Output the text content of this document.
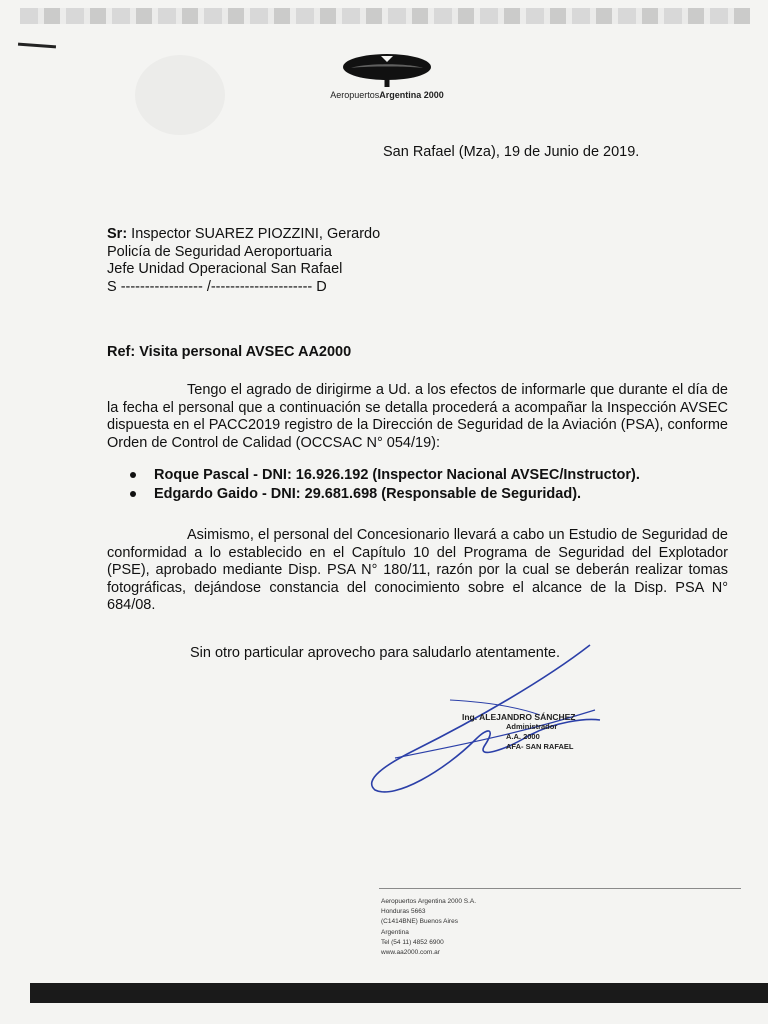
AeropuertosArgentina 2000
San Rafael (Mza), 19 de Junio de 2019.
Sr: Inspector SUAREZ PIOZZINI, Gerardo
Policía de Seguridad Aeroportuaria
Jefe Unidad Operacional San Rafael
S ----------------- /--------------------- D
Ref: Visita personal AVSEC AA2000
Tengo el agrado de dirigirme a Ud. a los efectos de informarle que durante el día de la fecha el personal que a continuación se detalla procederá a acompañar la Inspección AVSEC dispuesta en el PACC2019 registro de la Dirección de Seguridad de la Aviación (PSA), conforme Orden de Control de Calidad (OCCSAC N° 054/19):
Roque Pascal - DNI: 16.926.192 (Inspector Nacional AVSEC/Instructor).
Edgardo Gaido - DNI: 29.681.698 (Responsable de Seguridad).
Asimismo, el personal del Concesionario llevará a cabo un Estudio de Seguridad de conformidad a lo establecido en el Capítulo 10 del Programa de Seguridad del Explotador (PSE), aprobado mediante Disp. PSA N° 180/11, razón por la cual se deberán realizar tomas fotográficas, dejándose constancia del conocimiento sobre el alcance de la Disp. PSA N° 684/08.
Sin otro particular aprovecho para saludarlo atentamente.
Ing. ALEJANDRO SÁNCHEZ
Administrador
A.A. 2000
AFA- SAN RAFAEL
Aeropuertos Argentina 2000 S.A.
Honduras 5663
(C1414BNE) Buenos Aires
Argentina
Tel (54 11) 4852 6900
www.aa2000.com.ar
